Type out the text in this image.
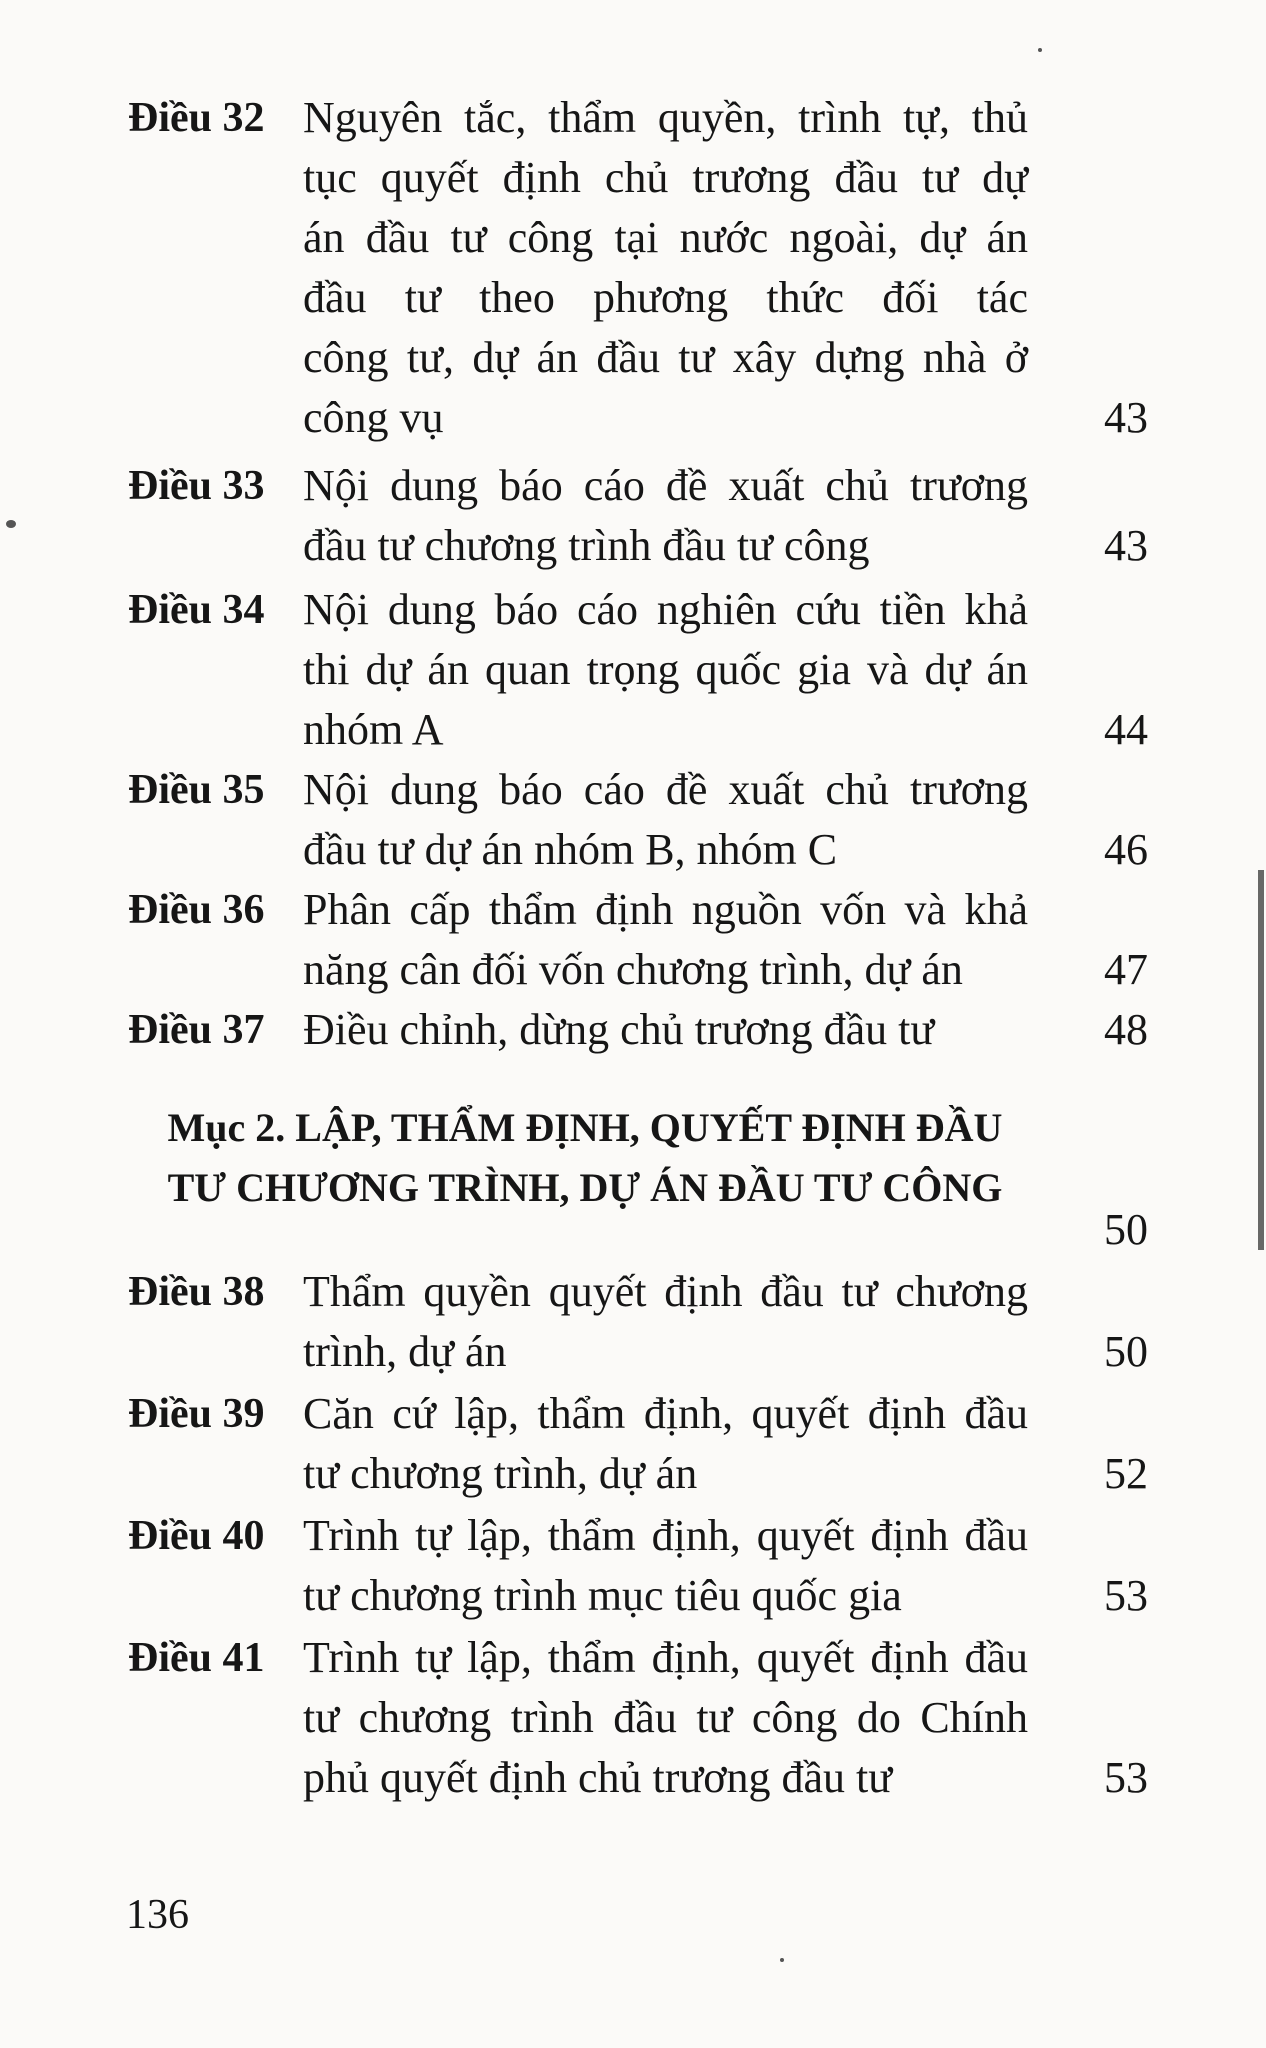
Điều 32 Nguyên tắc, thẩm quyền, trình tự, thủ
tục quyết định chủ trương đầu tư dự
án đầu tư công tại nước ngoài, dự án
đầu tư theo phương thức đối tác
công tư, dự án đầu tư xây dựng nhà ở
công vụ	43
Điều 33 Nội dung báo cáo đề xuất chủ trương
đầu tư chương trình đầu tư công	43
Điều 34 Nội dung báo cáo nghiên cứu tiền khả
thi dự án quan trọng quốc gia và dự án
nhóm A	44
Điều 35 Nội dung báo cáo đề xuất chủ trương
đầu tư dự án nhóm B, nhóm C	46
Điều 36 Phân cấp thẩm định nguồn vốn và khả
năng cân đối vốn chương trình, dự án	47
Điều 37 Điều chỉnh, dừng chủ trương đầu tư	48
Mục 2. LẬP, THẨM ĐỊNH, QUYẾT ĐỊNH ĐẦU
TƯ CHƯƠNG TRÌNH, DỰ ÁN ĐẦU TƯ CÔNG
50
Điều 38 Thẩm quyền quyết định đầu tư chương
trình, dự án	50
Điều 39 Căn cứ lập, thẩm định, quyết định đầu
tư chương trình, dự án	52
Điều 40 Trình tự lập, thẩm định, quyết định đầu
tư chương trình mục tiêu quốc gia	53
Điều 41 Trình tự lập, thẩm định, quyết định đầu
tư chương trình đầu tư công do Chính
phủ quyết định chủ trương đầu tư	53
136
